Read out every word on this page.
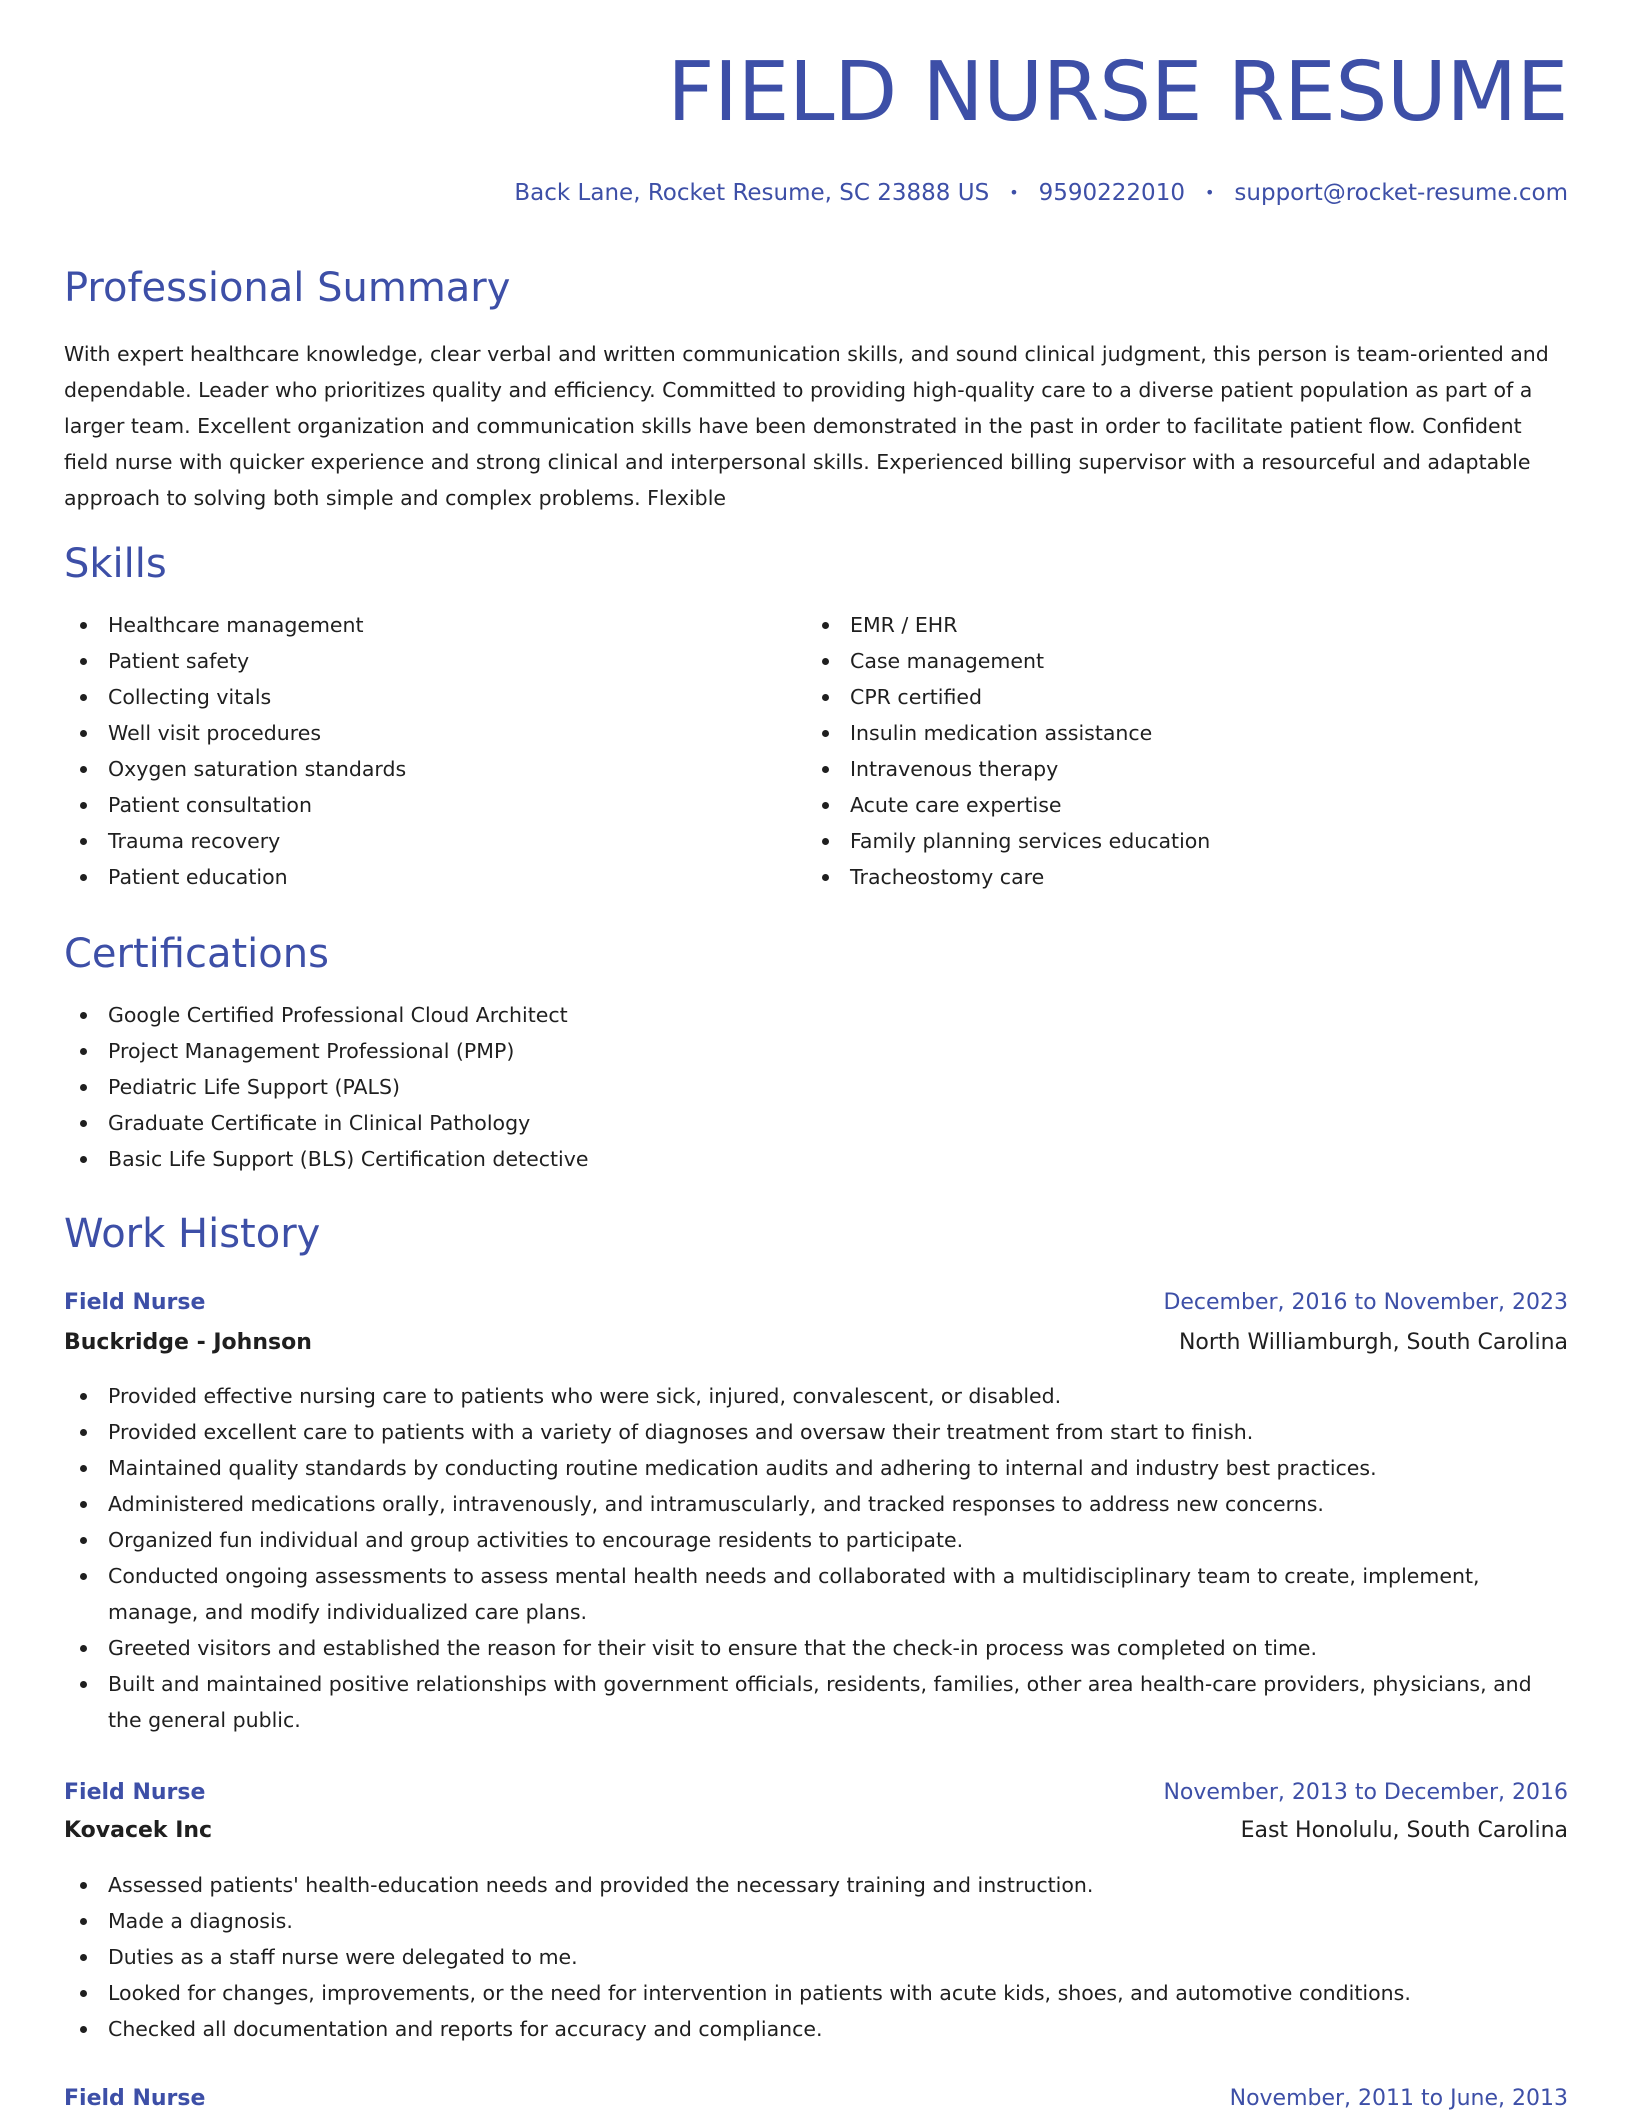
FIELD NURSE RESUME
Back Lane, Rocket Resume, SC 23888 US • 9590222010 • support@rocket-resume.com
Professional Summary

With expert healthcare knowledge, clear verbal and written communication skills, and sound clinical judgment, this person is team-oriented and dependable. Leader who prioritizes quality and efficiency. Committed to providing high-quality care to a diverse patient population as part of a larger team. Excellent organization and communication skills have been demonstrated in the past in order to facilitate patient flow. Confident field nurse with quicker experience and strong clinical and interpersonal skills. Experienced billing supervisor with a resourceful and adaptable approach to solving both simple and complex problems. Flexible

Skills
Healthcare management
Patient safety
Collecting vitals
Well visit procedures
Oxygen saturation standards
Patient consultation
Trauma recovery
Patient education
EMR / EHR
Case management
CPR certified
Insulin medication assistance
Intravenous therapy
Acute care expertise
Family planning services education
Tracheostomy care
Certifications
Google Certified Professional Cloud Architect
Project Management Professional (PMP)
Pediatric Life Support (PALS)
Graduate Certificate in Clinical Pathology
Basic Life Support (BLS) Certification detective
Work History
Field Nurse	December, 2016 to November, 2023
Buckridge - Johnson	North Williamburgh, South Carolina
Provided effective nursing care to patients who were sick, injured, convalescent, or disabled.
Provided excellent care to patients with a variety of diagnoses and oversaw their treatment from start to finish.
Maintained quality standards by conducting routine medication audits and adhering to internal and industry best practices.
Administered medications orally, intravenously, and intramuscularly, and tracked responses to address new concerns.
Organized fun individual and group activities to encourage residents to participate.
Conducted ongoing assessments to assess mental health needs and collaborated with a multidisciplinary team to create, implement, manage, and modify individualized care plans.
Greeted visitors and established the reason for their visit to ensure that the check-in process was completed on time.
Built and maintained positive relationships with government officials, residents, families, other area health-care providers, physicians, and the general public.
Field Nurse	November, 2013 to December, 2016
Kovacek Inc	East Honolulu, South Carolina
Assessed patients' health-education needs and provided the necessary training and instruction.
Made a diagnosis.
Duties as a staff nurse were delegated to me.
Looked for changes, improvements, or the need for intervention in patients with acute kids, shoes, and automotive conditions.
Checked all documentation and reports for accuracy and compliance.
Field Nurse	November, 2011 to June, 2013
